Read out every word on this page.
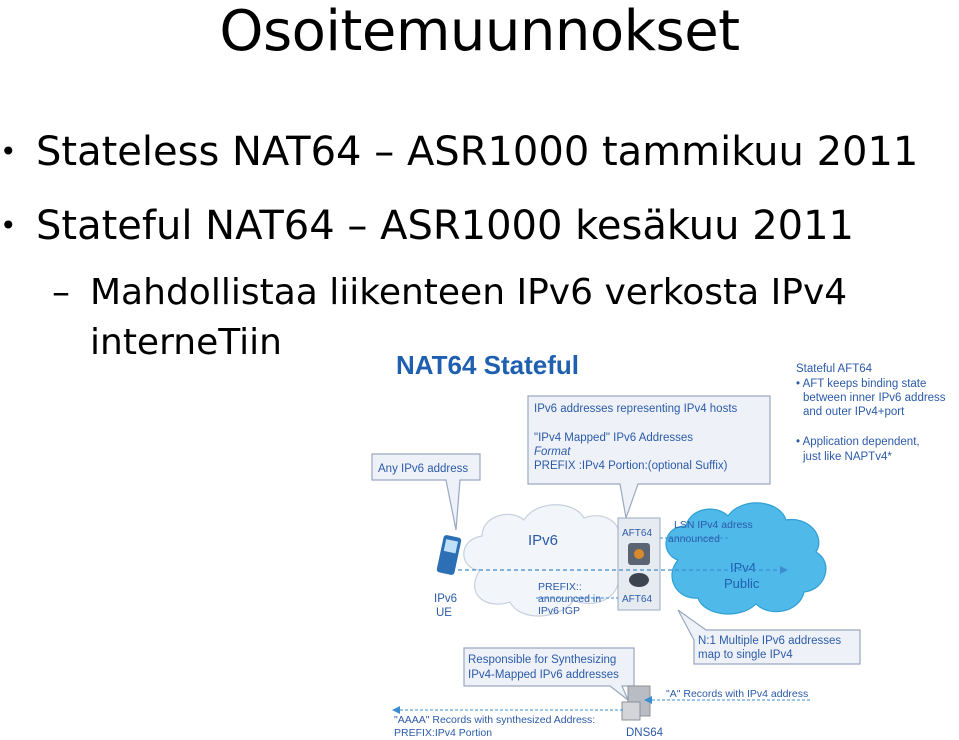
Osoitemuunnokset
• Stateless NAT64 – ASR1000 tammikuu 2011
• Stateful NAT64 – ASR1000 kesäkuu 2011
– Mahdollistaa liikenteen IPv6 verkosta IPv4
interneTiin
NAT64 Stateful	Stateful AFT64
• AFT keeps binding state
between inner IPv6 address
and outer IPv4+port
• Application dependent,
just like NAPTv4*
IPv6 addresses representing IPv4 hosts
"IPv4 Mapped" IPv6 Addresses
Format
PREFIX :IPv4 Portion:(optional Suffix)
Any IPv6 address
IPv6
IPv4
Public
AFT64
AFT64
LSN IPv4 adress
announced
PREFIX::
announced in
IPv6 IGP
IPv6
UE
N:1 Multiple IPv6 addresses
map to single IPv4
Responsible for Synthesizing
IPv4-Mapped IPv6 addresses
DNS64
"A" Records with IPv4 address
"AAAA" Records with synthesized Address:
PREFIX:IPv4 Portion
